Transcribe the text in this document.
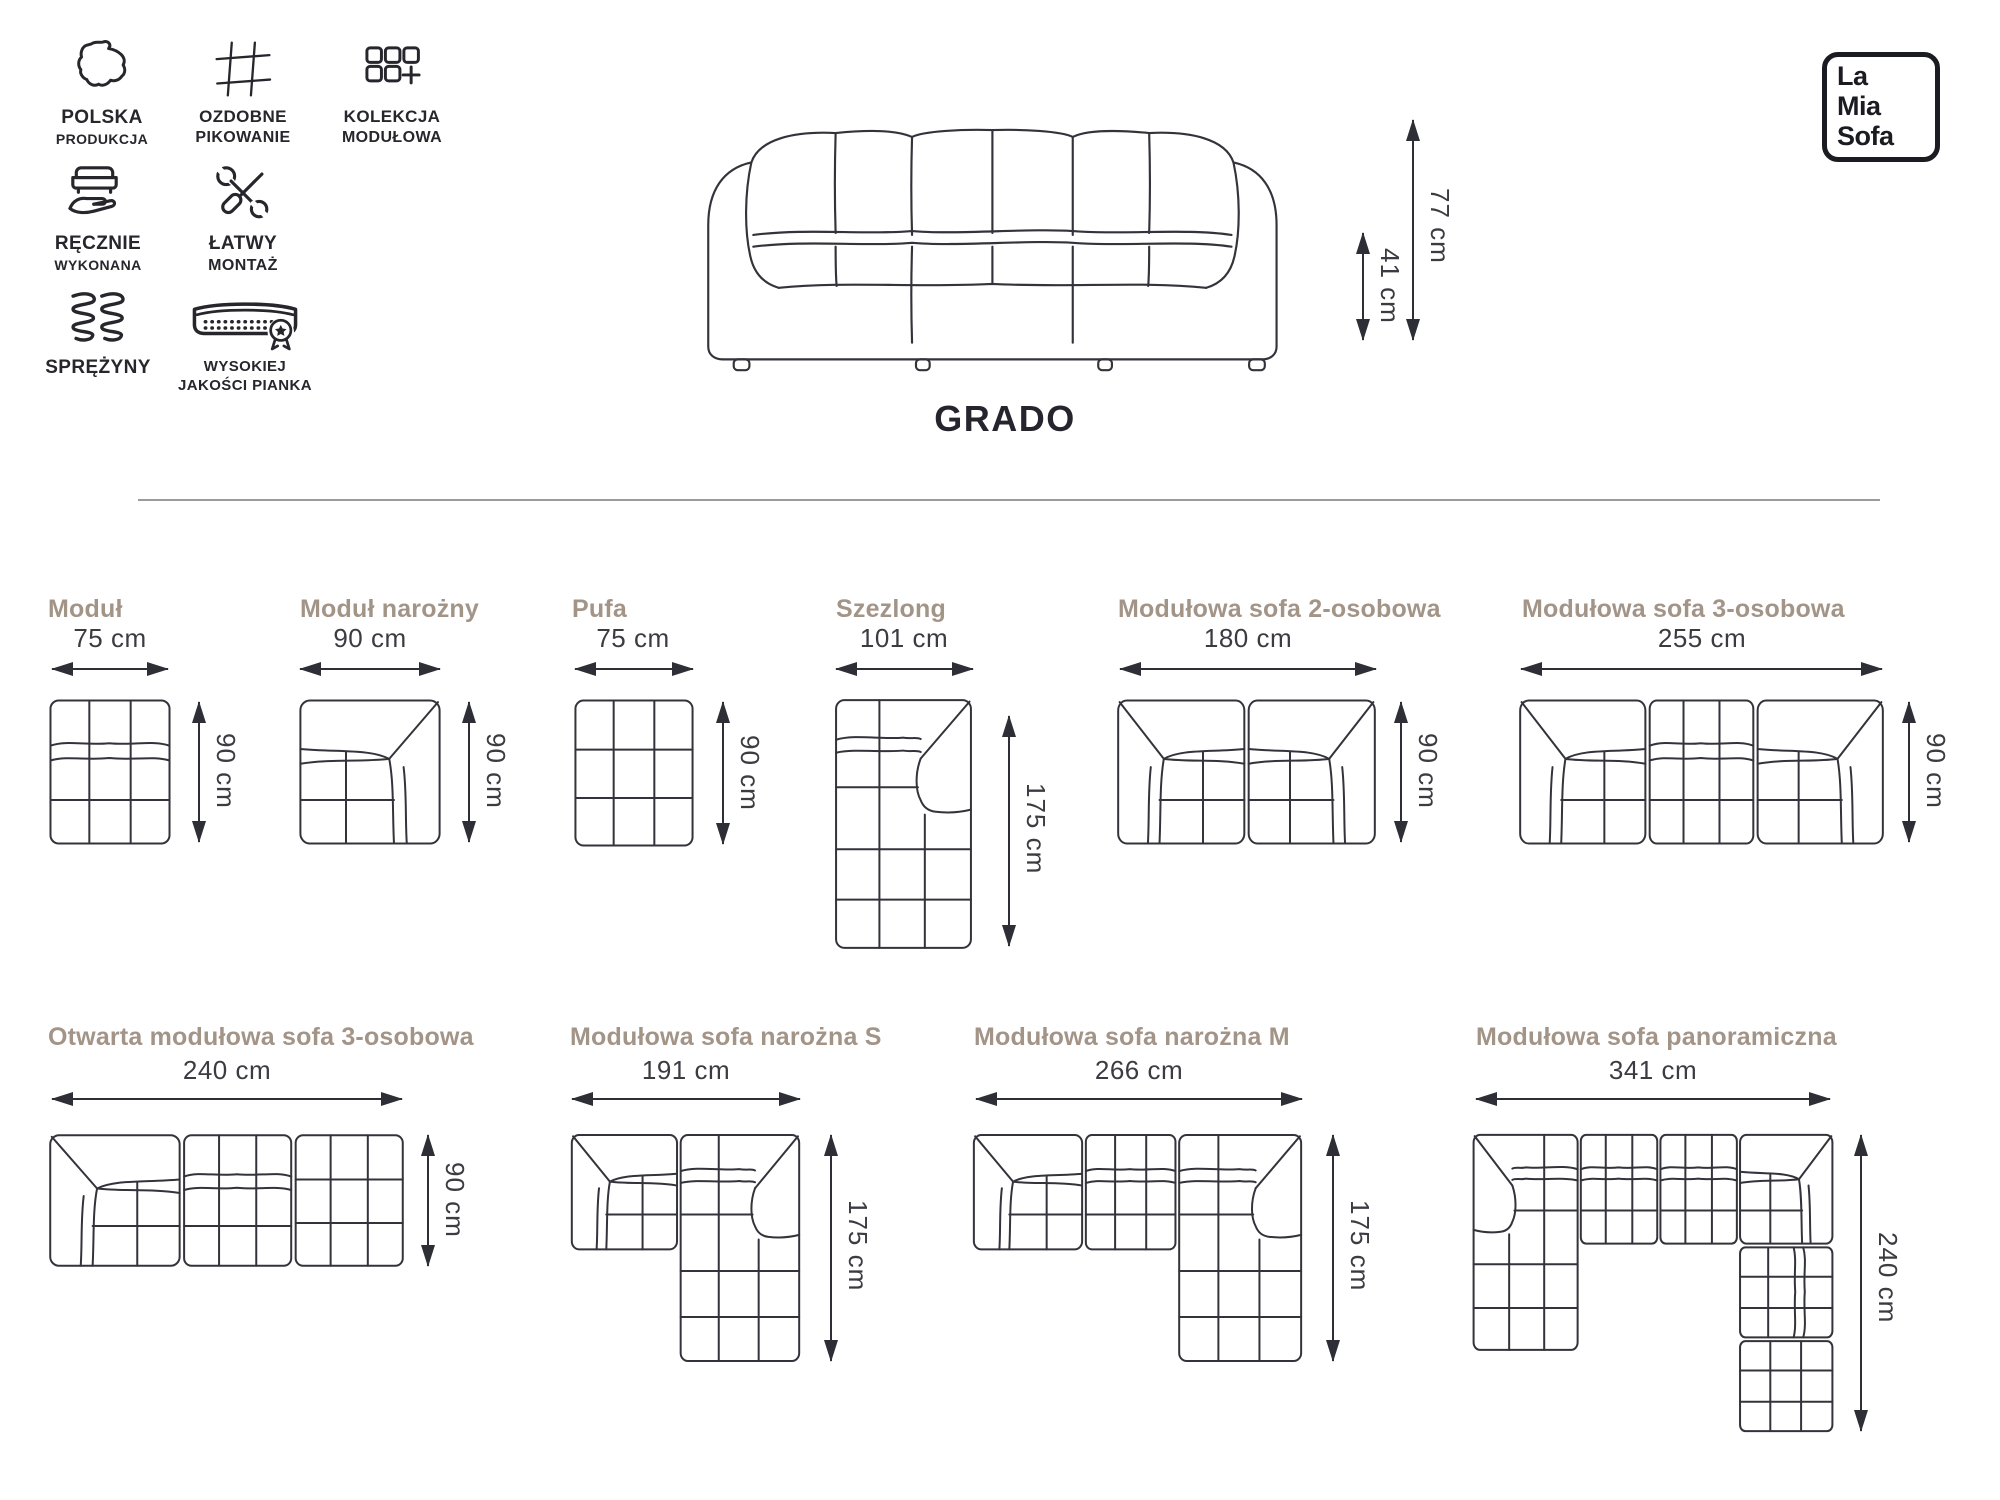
POLSKA
PRODUKCJA
OZDOBNE
PIKOWANIE
KOLEKCJA
MODUŁOWA
RĘCZNIE
WYKONANA
ŁATWY
MONTAŻ
SPRĘŻYNY	WYSOKIEJ
JAKOŚCI PIANKA
La
Mia
Sofa
41 cm
77 cm
GRADO
Moduł
75 cm
90 cm
Moduł narożny
90 cm
90 cm
Pufa
75 cm
90 cm
Szezlong
101 cm
175 cm
Modułowa sofa 2-osobowa
180 cm
90 cm
Modułowa sofa 3-osobowa
255 cm
90 cm
Otwarta modułowa sofa 3-osobowa
240 cm
90 cm
Modułowa sofa narożna S
191 cm
175 cm
Modułowa sofa narożna M
266 cm
175 cm
Modułowa sofa panoramiczna
341 cm
240 cm
